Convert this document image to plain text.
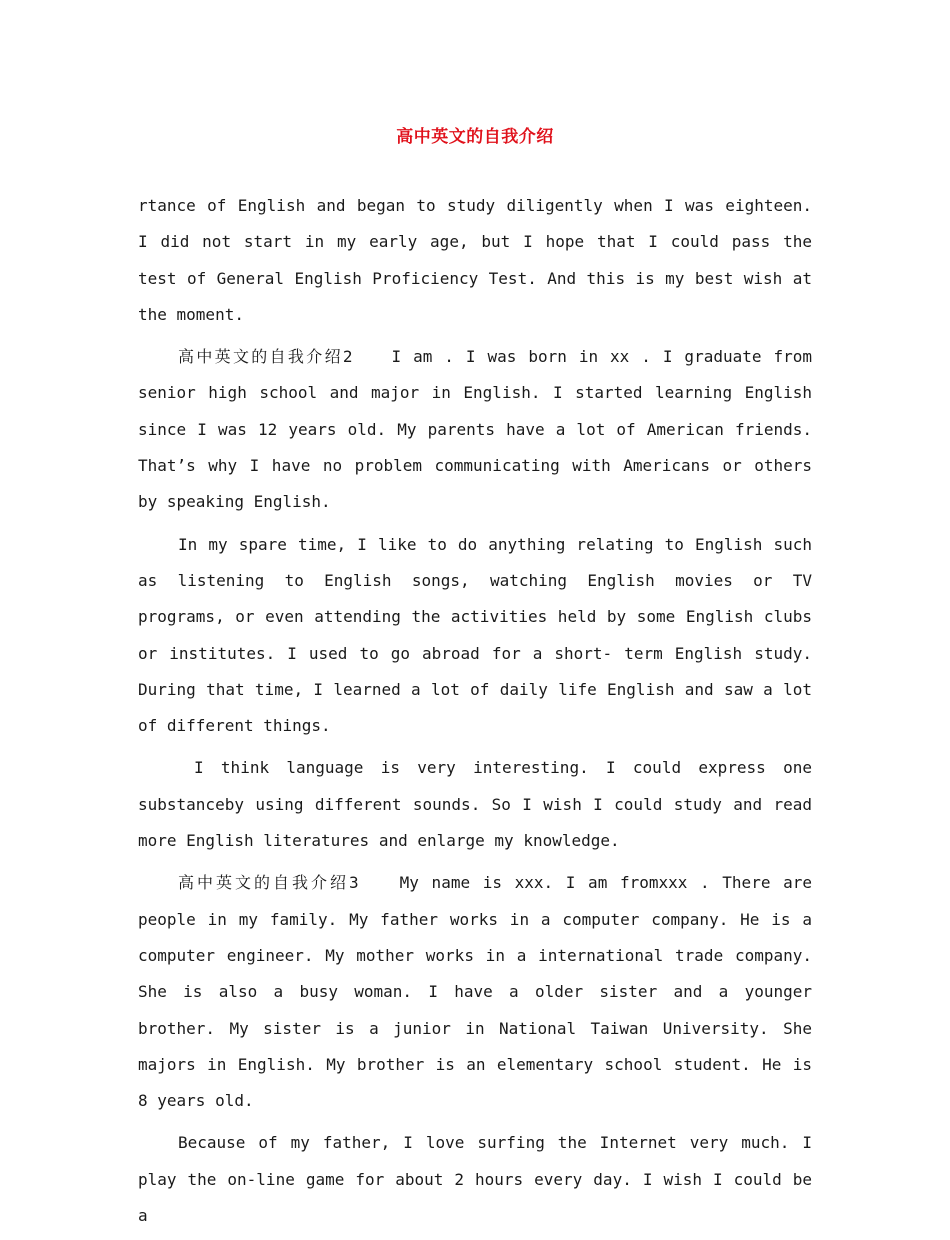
高中英文的自我介绍

rtance of English and began to study diligently when I was eighteen. I did not start in my early age, but I hope that I could pass the test of General English Proficiency Test. And this is my best wish at the moment.

高中英文的自我介绍2　　I am . I was born in xx . I graduate from senior high school and major in English. I started learning English since I was 12 years old. My parents have a lot of American friends. That’s why I have no problem communicating with Americans or others by speaking English.

In my spare time, I like to do anything relating to English such as listening to English songs, watching English movies or TV programs, or even attending the activities held by some English clubs or institutes. I used to go abroad for a short- term English study. During that time, I learned a lot of daily life English and saw a lot of different things.

I think language is very interesting. I could express one substanceby using different sounds. So I wish I could study and read more English literatures and enlarge my knowledge.

高中英文的自我介绍3　　My name is xxx. I am fromxxx . There are people in my family. My father works in a computer company. He is a computer engineer. My mother works in a international trade company. She is also a busy woman. I have a older sister and a younger brother. My sister is a junior in National Taiwan University. She majors in English. My brother is an elementary school student. He is 8 years old.

Because of my father, I love surfing the Internet very much. I play the on-line game for about 2 hours every day. I wish I could be a
